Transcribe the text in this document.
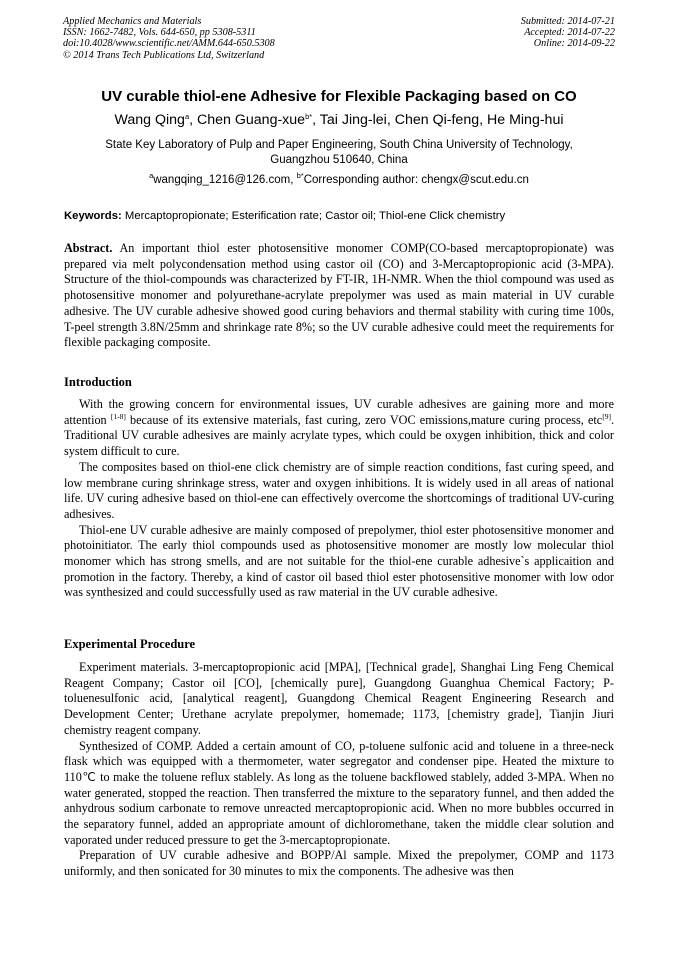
Applied Mechanics and Materials
ISSN: 1662-7482, Vols. 644-650, pp 5308-5311
doi:10.4028/www.scientific.net/AMM.644-650.5308
© 2014 Trans Tech Publications Ltd, Switzerland
Submitted: 2014-07-21
Accepted: 2014-07-22
Online: 2014-09-22
UV curable thiol-ene Adhesive for Flexible Packaging based on CO
Wang Qing$^a$, Chen Guang-xue$^{b*}$, Tai Jing-lei, Chen Qi-feng, He Ming-hui
State Key Laboratory of Pulp and Paper Engineering, South China University of Technology, Guangzhou 510640, China
$^a$wangqing_1216@126.com, $^{b*}$Corresponding author: chengx@scut.edu.cn
Keywords: Mercaptopropionate; Esterification rate; Castor oil; Thiol-ene Click chemistry

Abstract. An important thiol ester photosensitive monomer COMP(CO-based mercaptopropionate) was prepared via melt polycondensation method using castor oil (CO) and 3-Mercaptopropionic acid (3-MPA). Structure of the thiol-compounds was characterized by FT-IR, 1H-NMR. When the thiol compound was used as photosensitive monomer and polyurethane-acrylate prepolymer was used as main material in UV curable adhesive. The UV curable adhesive showed good curing behaviors and thermal stability with curing time 100s, T-peel strength 3.8N/25mm and shrinkage rate 8%; so the UV curable adhesive could meet the requirements for flexible packaging composite.

Introduction

With the growing concern for environmental issues, UV curable adhesives are gaining more and more attention [1-8] because of its extensive materials, fast curing, zero VOC emissions,mature curing process, etc[9]. Traditional UV curable adhesives are mainly acrylate types, which could be oxygen inhibition, thick and color system difficult to cure.

The composites based on thiol-ene click chemistry are of simple reaction conditions, fast curing speed, and low membrane curing shrinkage stress, water and oxygen inhibitions. It is widely used in all areas of national life. UV curing adhesive based on thiol-ene can effectively overcome the shortcomings of traditional UV-curing adhesives.

Thiol-ene UV curable adhesive are mainly composed of prepolymer, thiol ester photosensitive monomer and photoinitiator. The early thiol compounds used as photosensitive monomer are mostly low molecular thiol monomer which has strong smells, and are not suitable for the thiol-ene curable adhesive`s applicaition and promotion in the factory. Thereby, a kind of castor oil based thiol ester photosensitive monomer with low odor was synthesized and could successfully used as raw material in the UV curable adhesive.

Experimental Procedure

Experiment materials. 3-mercaptopropionic acid [MPA], [Technical grade], Shanghai Ling Feng Chemical Reagent Company; Castor oil [CO], [chemically pure], Guangdong Guanghua Chemical Factory; P-toluenesulfonic acid, [analytical reagent], Guangdong Chemical Reagent Engineering Research and Development Center; Urethane acrylate prepolymer, homemade; 1173, [chemistry grade], Tianjin Jiuri chemistry reagent company.

Synthesized of COMP. Added a certain amount of CO, p-toluene sulfonic acid and toluene in a three-neck flask which was equipped with a thermometer, water segregator and condenser pipe. Heated the mixture to 110℃ to make the toluene reflux stablely. As long as the toluene backflowed stablely, added 3-MPA. When no water generated, stopped the reaction. Then transferred the mixture to the separatory funnel, and then added the anhydrous sodium carbonate to remove unreacted mercaptopropionic acid. When no more bubbles occurred in the separatory funnel, added an appropriate amount of dichloromethane, taken the middle clear solution and vaporated under reduced pressure to get the 3-mercaptopropionate.

Preparation of UV curable adhesive and BOPP/Al sample. Mixed the prepolymer, COMP and 1173 uniformly, and then sonicated for 30 minutes to mix the components. The adhesive was then
